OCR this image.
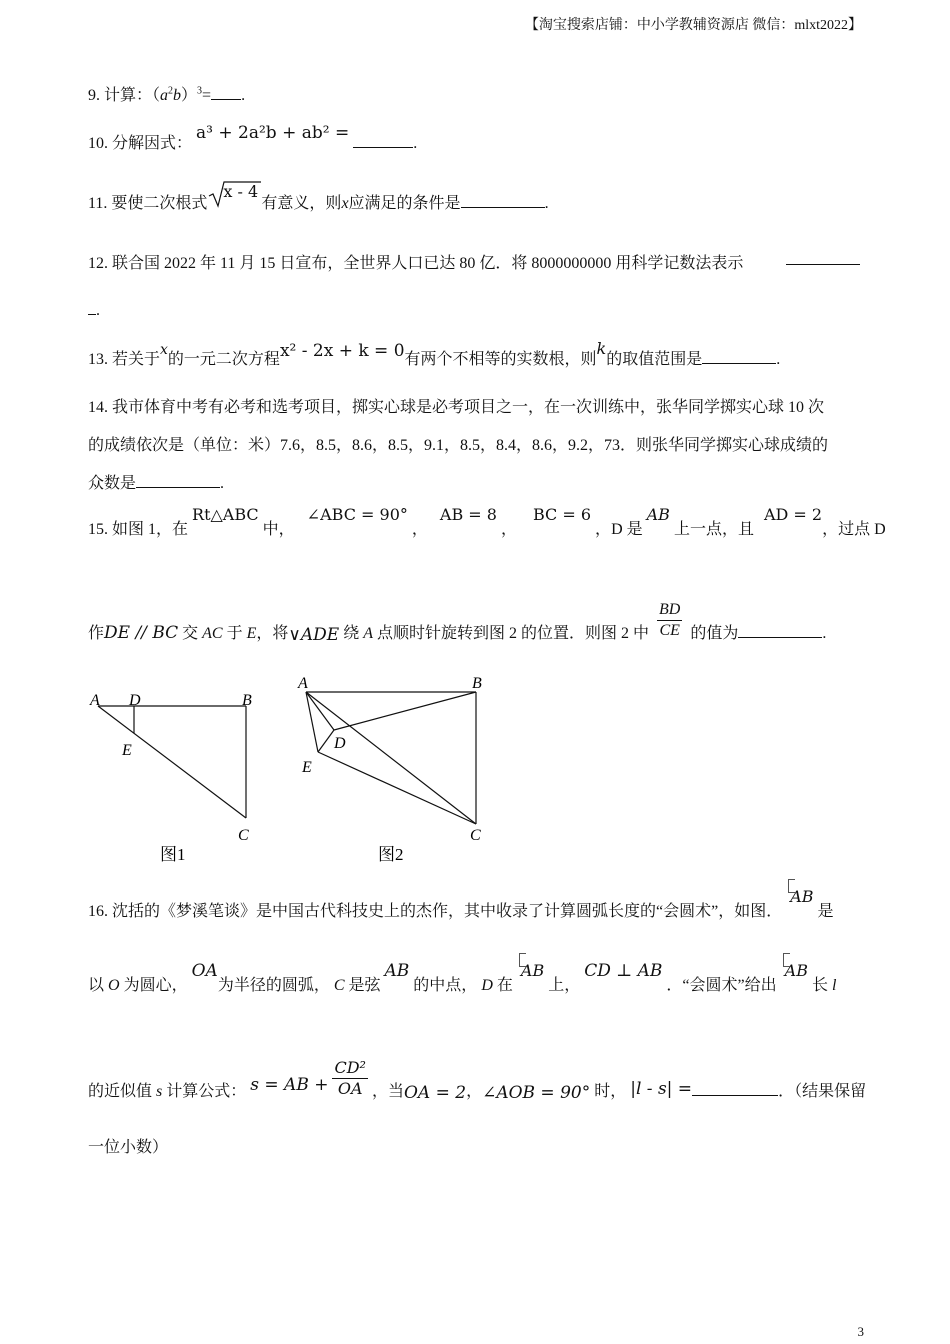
【淘宝搜索店铺：中小学教辅资源店 微信：mlxt2022】
9. 计算：$(a^2b)^3=$ .
10. 分解因式： a³ + 2a²b + ab² = .
11. 要使二次根式
x - 4
有意义，则x应满足的条件是	.
12. 联合国 2022 年 11 月 15 日宣布，全世界人口已达 80 亿．将 8000000000 用科学记数法表示
.
13. 若关于x的一元二次方程x² - 2x + k = 0有两个不相等的实数根，则k的取值范围是	.
14. 我市体育中考有必考和选考项目，掷实心球是必考项目之一，在一次训练中，张华同学掷实心球 10 次
的成绩依次是（单位：米）7.6，8.5，8.6，8.5，9.1，8.5，8.4，8.6，9.2，73．则张华同学掷实心球成绩的
众数是	.
15. 如图 1，在 Rt△ABC 中， ∠ABC = 90° ， AB = 8 ， BC = 6 ，D 是 AB 上一点，且 AD = 2，过点 D
作DE // BC 交 AC 于 E，将∨ADE 绕 A 点顺时针旋转到图 2 的位置．则图 2 中 $\frac{BD}{CE}$ 的值为	.
A D	B
E
C
图1
A	B
D
E
C
图2
16. 沈括的《梦溪笔谈》是中国古代科技史上的杰作，其中收录了计算圆弧长度的“会圆术”，如图． AB 是
以 O 为圆心， OA为半径的圆弧， C 是弦 AB 的中点， D 在 AB 上， CD ⊥ AB ．“会圆术”给出 AB 长 l
的近似值 s 计算公式： s = AB + $\frac{\text{CD²}}{OA}$ ，当OA = 2，∠AOB = 90° 时， |l - s| =	．（结果保留
一位小数）
3
